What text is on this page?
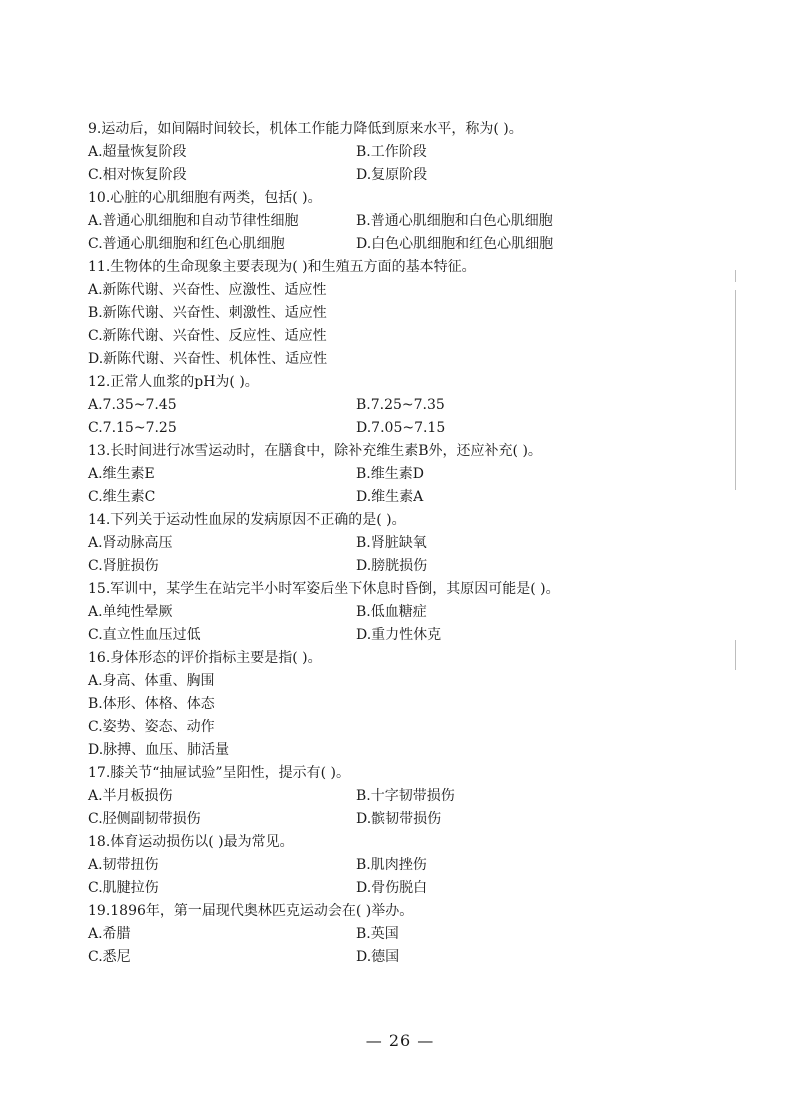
9.运动后，如间隔时间较长，机体工作能力降低到原来水平，称为( )。
A.超量恢复阶段	B.工作阶段
C.相对恢复阶段	D.复原阶段
10.心脏的心肌细胞有两类，包括( )。
A.普通心肌细胞和自动节律性细胞	B.普通心肌细胞和白色心肌细胞
C.普通心肌细胞和红色心肌细胞	D.白色心肌细胞和红色心肌细胞
11.生物体的生命现象主要表现为( )和生殖五方面的基本特征。
A.新陈代谢、兴奋性、应激性、适应性
B.新陈代谢、兴奋性、刺激性、适应性
C.新陈代谢、兴奋性、反应性、适应性
D.新陈代谢、兴奋性、机体性、适应性
12.正常人血浆的pH为( )。
A.7.35~7.45	B.7.25~7.35
C.7.15~7.25	D.7.05~7.15
13.长时间进行冰雪运动时，在膳食中，除补充维生素B外，还应补充( )。
A.维生素E	B.维生素D
C.维生素C	D.维生素A
14.下列关于运动性血尿的发病原因不正确的是( )。
A.肾动脉高压	B.肾脏缺氧
C.肾脏损伤	D.膀胱损伤
15.军训中，某学生在站完半小时军姿后坐下休息时昏倒，其原因可能是( )。
A.单纯性晕厥	B.低血糖症
C.直立性血压过低	D.重力性休克
16.身体形态的评价指标主要是指( )。
A.身高、体重、胸围
B.体形、体格、体态
C.姿势、姿态、动作
D.脉搏、血压、肺活量
17.膝关节“抽屉试验”呈阳性，提示有( )。
A.半月板损伤	B.十字韧带损伤
C.胫侧副韧带损伤	D.髌韧带损伤
18.体育运动损伤以( )最为常见。
A.韧带扭伤	B.肌肉挫伤
C.肌腱拉伤	D.骨伤脱白
19.1896年，第一届现代奥林匹克运动会在( )举办。
A.希腊	B.英国
C.悉尼	D.德国
— 26 —
